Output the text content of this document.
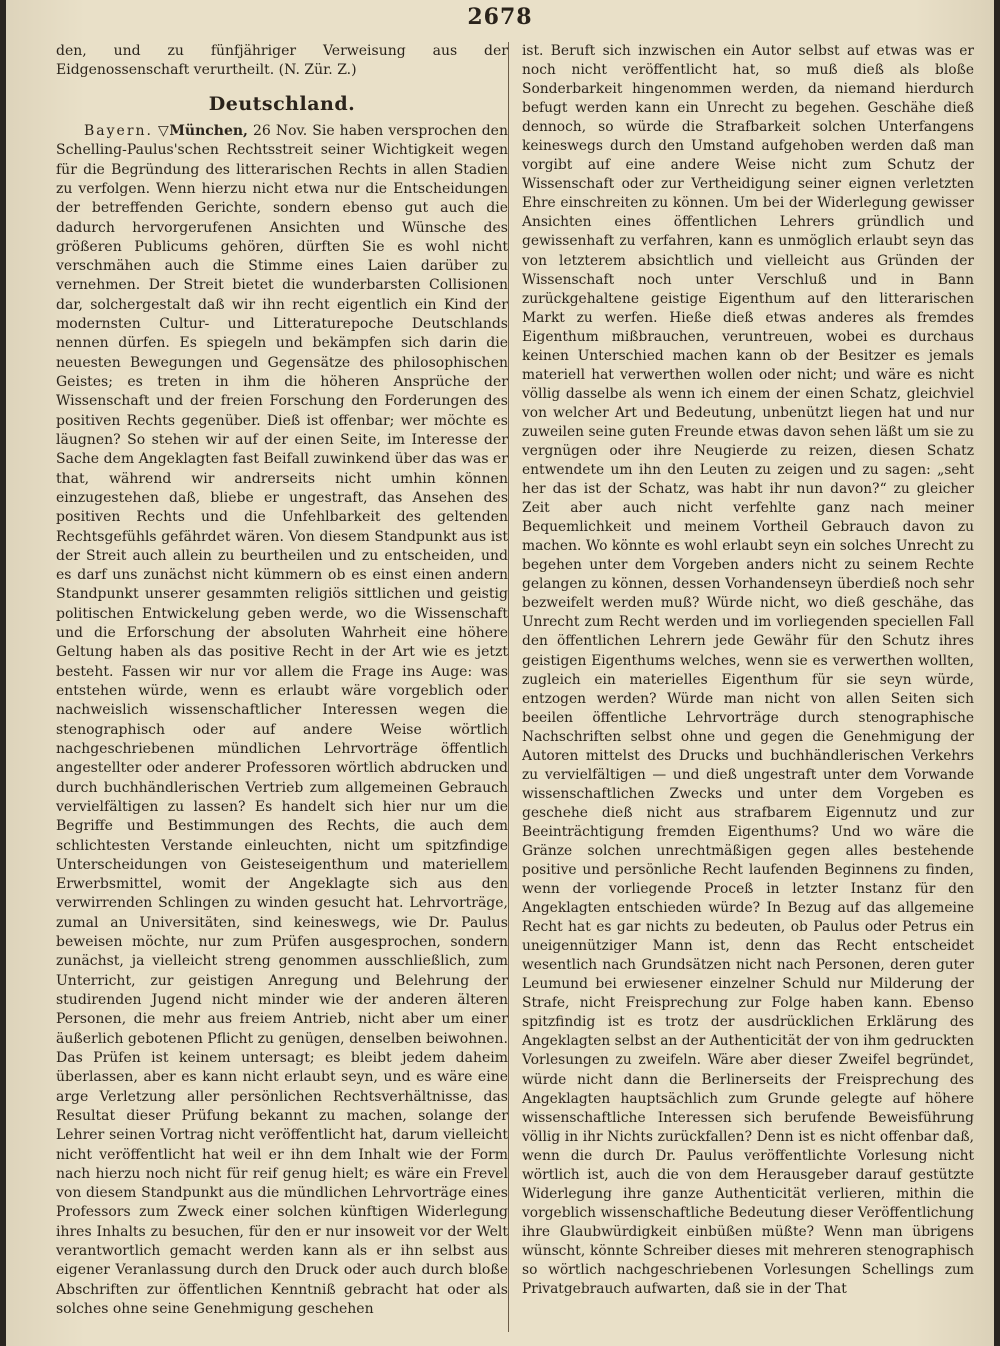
2678

den, und zu fünfjähriger Verweisung aus der Eidgenossenschaft verurtheilt. (N. Zür. Z.)

Deutschland.

Bayern. ▽München, 26 Nov. Sie haben versprochen den Schelling-Paulus'schen Rechtsstreit seiner Wichtigkeit wegen für die Begründung des litterarischen Rechts in allen Stadien zu verfolgen. Wenn hierzu nicht etwa nur die Entscheidungen der betreffenden Gerichte, sondern ebenso gut auch die dadurch hervorgerufenen Ansichten und Wünsche des größeren Publicums gehören, dürften Sie es wohl nicht verschmähen auch die Stimme eines Laien darüber zu vernehmen. Der Streit bietet die wunderbarsten Collisionen dar, solchergestalt daß wir ihn recht eigentlich ein Kind der modernsten Cultur- und Litteraturepoche Deutschlands nennen dürfen. Es spiegeln und bekämpfen sich darin die neuesten Bewegungen und Gegensätze des philosophischen Geistes; es treten in ihm die höheren Ansprüche der Wissenschaft und der freien Forschung den Forderungen des positiven Rechts gegenüber. Dieß ist offenbar; wer möchte es läugnen? So stehen wir auf der einen Seite, im Interesse der Sache dem Angeklagten fast Beifall zuwinkend über das was er that, während wir andrerseits nicht umhin können einzugestehen daß, bliebe er ungestraft, das Ansehen des positiven Rechts und die Unfehlbarkeit des geltenden Rechtsgefühls gefährdet wären. Von diesem Standpunkt aus ist der Streit auch allein zu beurtheilen und zu entscheiden, und es darf uns zunächst nicht kümmern ob es einst einen andern Standpunkt unserer gesammten religiös sittlichen und geistig politischen Entwickelung geben werde, wo die Wissenschaft und die Erforschung der absoluten Wahrheit eine höhere Geltung haben als das positive Recht in der Art wie es jetzt besteht. Fassen wir nur vor allem die Frage ins Auge: was entstehen würde, wenn es erlaubt wäre vorgeblich oder nachweislich wissenschaftlicher Interessen wegen die stenographisch oder auf andere Weise wörtlich nachgeschriebenen mündlichen Lehrvorträge öffentlich angestellter oder anderer Professoren wörtlich abdrucken und durch buchhändlerischen Vertrieb zum allgemeinen Gebrauch vervielfältigen zu lassen? Es handelt sich hier nur um die Begriffe und Bestimmungen des Rechts, die auch dem schlichtesten Verstande einleuchten, nicht um spitzfindige Unterscheidungen von Geisteseigenthum und materiellem Erwerbsmittel, womit der Angeklagte sich aus den verwirrenden Schlingen zu winden gesucht hat. Lehrvorträge, zumal an Universitäten, sind keineswegs, wie Dr. Paulus beweisen möchte, nur zum Prüfen ausgesprochen, sondern zunächst, ja vielleicht streng genommen ausschließlich, zum Unterricht, zur geistigen Anregung und Belehrung der studirenden Jugend nicht minder wie der anderen älteren Personen, die mehr aus freiem Antrieb, nicht aber um einer äußerlich gebotenen Pflicht zu genügen, denselben beiwohnen. Das Prüfen ist keinem untersagt; es bleibt jedem daheim überlassen, aber es kann nicht erlaubt seyn, und es wäre eine arge Verletzung aller persönlichen Rechtsverhältnisse, das Resultat dieser Prüfung bekannt zu machen, solange der Lehrer seinen Vortrag nicht veröffentlicht hat, darum vielleicht nicht veröffentlicht hat weil er ihn dem Inhalt wie der Form nach hierzu noch nicht für reif genug hielt; es wäre ein Frevel von diesem Standpunkt aus die mündlichen Lehrvorträge eines Professors zum Zweck einer solchen künftigen Widerlegung ihres Inhalts zu besuchen, für den er nur insoweit vor der Welt verantwortlich gemacht werden kann als er ihn selbst aus eigener Veranlassung durch den Druck oder auch durch bloße Abschriften zur öffentlichen Kenntniß gebracht hat oder als solches ohne seine Genehmigung geschehen

ist. Beruft sich inzwischen ein Autor selbst auf etwas was er noch nicht veröffentlicht hat, so muß dieß als bloße Sonderbarkeit hingenommen werden, da niemand hierdurch befugt werden kann ein Unrecht zu begehen. Geschähe dieß dennoch, so würde die Strafbarkeit solchen Unterfangens keineswegs durch den Umstand aufgehoben werden daß man vorgibt auf eine andere Weise nicht zum Schutz der Wissenschaft oder zur Vertheidigung seiner eignen verletzten Ehre einschreiten zu können. Um bei der Widerlegung gewisser Ansichten eines öffentlichen Lehrers gründlich und gewissenhaft zu verfahren, kann es unmöglich erlaubt seyn das von letzterem absichtlich und vielleicht aus Gründen der Wissenschaft noch unter Verschluß und in Bann zurückgehaltene geistige Eigenthum auf den litterarischen Markt zu werfen. Hieße dieß etwas anderes als fremdes Eigenthum mißbrauchen, veruntreuen, wobei es durchaus keinen Unterschied machen kann ob der Besitzer es jemals materiell hat verwerthen wollen oder nicht; und wäre es nicht völlig dasselbe als wenn ich einem der einen Schatz, gleichviel von welcher Art und Bedeutung, unbenützt liegen hat und nur zuweilen seine guten Freunde etwas davon sehen läßt um sie zu vergnügen oder ihre Neugierde zu reizen, diesen Schatz entwendete um ihn den Leuten zu zeigen und zu sagen: „seht her das ist der Schatz, was habt ihr nun davon?“ zu gleicher Zeit aber auch nicht verfehlte ganz nach meiner Bequemlichkeit und meinem Vortheil Gebrauch davon zu machen. Wo könnte es wohl erlaubt seyn ein solches Unrecht zu begehen unter dem Vorgeben anders nicht zu seinem Rechte gelangen zu können, dessen Vorhandenseyn überdieß noch sehr bezweifelt werden muß? Würde nicht, wo dieß geschähe, das Unrecht zum Recht werden und im vorliegenden speciellen Fall den öffentlichen Lehrern jede Gewähr für den Schutz ihres geistigen Eigenthums welches, wenn sie es verwerthen wollten, zugleich ein materielles Eigenthum für sie seyn würde, entzogen werden? Würde man nicht von allen Seiten sich beeilen öffentliche Lehrvorträge durch stenographische Nachschriften selbst ohne und gegen die Genehmigung der Autoren mittelst des Drucks und buchhändlerischen Verkehrs zu vervielfältigen — und dieß ungestraft unter dem Vorwande wissenschaftlichen Zwecks und unter dem Vorgeben es geschehe dieß nicht aus strafbarem Eigennutz und zur Beeinträchtigung fremden Eigenthums? Und wo wäre die Gränze solchen unrechtmäßigen gegen alles bestehende positive und persönliche Recht laufenden Beginnens zu finden, wenn der vorliegende Proceß in letzter Instanz für den Angeklagten entschieden würde? In Bezug auf das allgemeine Recht hat es gar nichts zu bedeuten, ob Paulus oder Petrus ein uneigennütziger Mann ist, denn das Recht entscheidet wesentlich nach Grundsätzen nicht nach Personen, deren guter Leumund bei erwiesener einzelner Schuld nur Milderung der Strafe, nicht Freisprechung zur Folge haben kann. Ebenso spitzfindig ist es trotz der ausdrücklichen Erklärung des Angeklagten selbst an der Authenticität der von ihm gedruckten Vorlesungen zu zweifeln. Wäre aber dieser Zweifel begründet, würde nicht dann die Berlinerseits der Freisprechung des Angeklagten hauptsächlich zum Grunde gelegte auf höhere wissenschaftliche Interessen sich berufende Beweisführung völlig in ihr Nichts zurückfallen? Denn ist es nicht offenbar daß, wenn die durch Dr. Paulus veröffentlichte Vorlesung nicht wörtlich ist, auch die von dem Herausgeber darauf gestützte Widerlegung ihre ganze Authenticität verlieren, mithin die vorgeblich wissenschaftliche Bedeutung dieser Veröffentlichung ihre Glaubwürdigkeit einbüßen müßte? Wenn man übrigens wünscht, könnte Schreiber dieses mit mehreren stenographisch so wörtlich nachgeschriebenen Vorlesungen Schellings zum Privatgebrauch aufwarten, daß sie in der That
